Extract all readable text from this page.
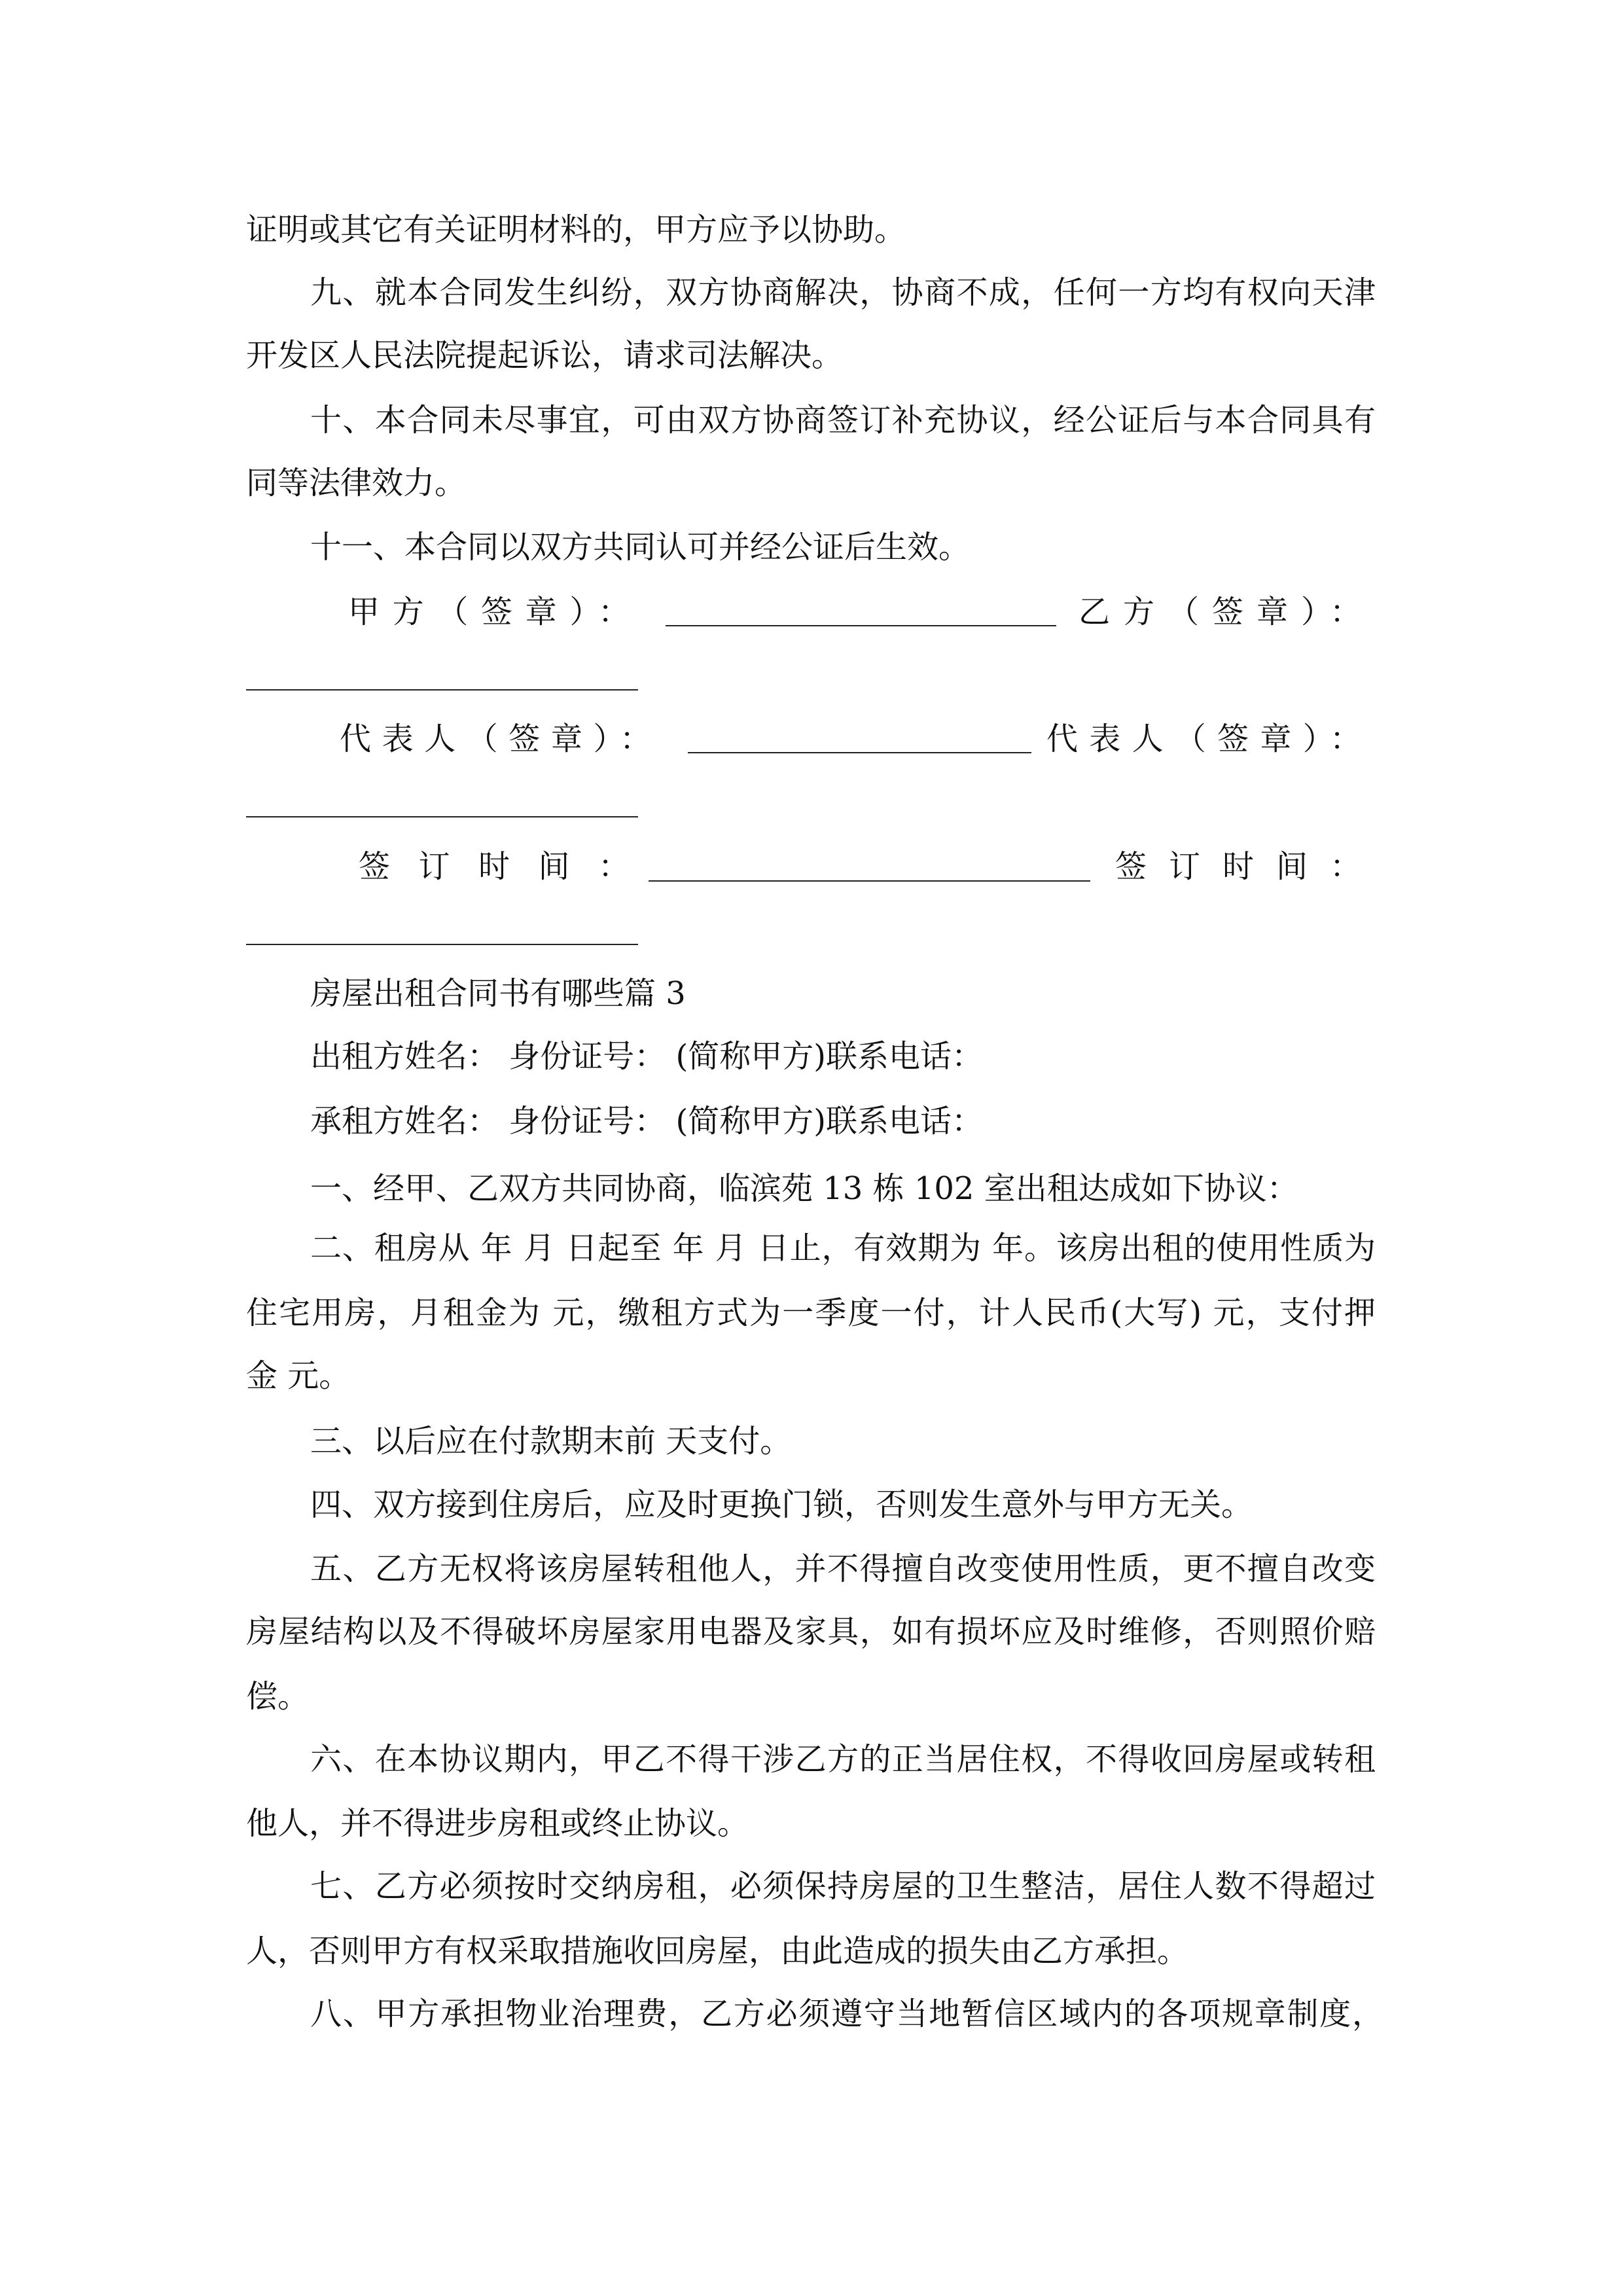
证明或其它有关证明材料的，甲方应予以协助。
九、就本合同发生纠纷，双方协商解决，协商不成，任何一方均有权向天津
开发区人民法院提起诉讼，请求司法解决。
十、本合同未尽事宜，可由双方协商签订补充协议，经公证后与本合同具有
同等法律效力。
十一、本合同以双方共同认可并经公证后生效。
甲方（签章）：	乙方（签章）：
代表人（签章）：	代表人（签章）：
签订时间：	签订时间：
房屋出租合同书有哪些篇 3
出租方姓名： 身份证号： (简称甲方)联系电话：
承租方姓名： 身份证号： (简称甲方)联系电话：
一、经甲、乙双方共同协商，临滨苑 13 栋 102 室出租达成如下协议：
二、租房从 年 月 日起至 年 月 日止，有效期为 年。该房出租的使用性质为
住宅用房，月租金为 元，缴租方式为一季度一付，计人民币(大写) 元，支付押
金 元。
三、以后应在付款期末前 天支付。
四、双方接到住房后，应及时更换门锁，否则发生意外与甲方无关。
五、乙方无权将该房屋转租他人，并不得擅自改变使用性质，更不擅自改变
房屋结构以及不得破坏房屋家用电器及家具，如有损坏应及时维修，否则照价赔
偿。
六、在本协议期内，甲乙不得干涉乙方的正当居住权，不得收回房屋或转租
他人，并不得进步房租或终止协议。
七、乙方必须按时交纳房租，必须保持房屋的卫生整洁，居住人数不得超过
人，否则甲方有权采取措施收回房屋，由此造成的损失由乙方承担。
八、甲方承担物业治理费，乙方必须遵守当地暂信区域内的各项规章制度，
